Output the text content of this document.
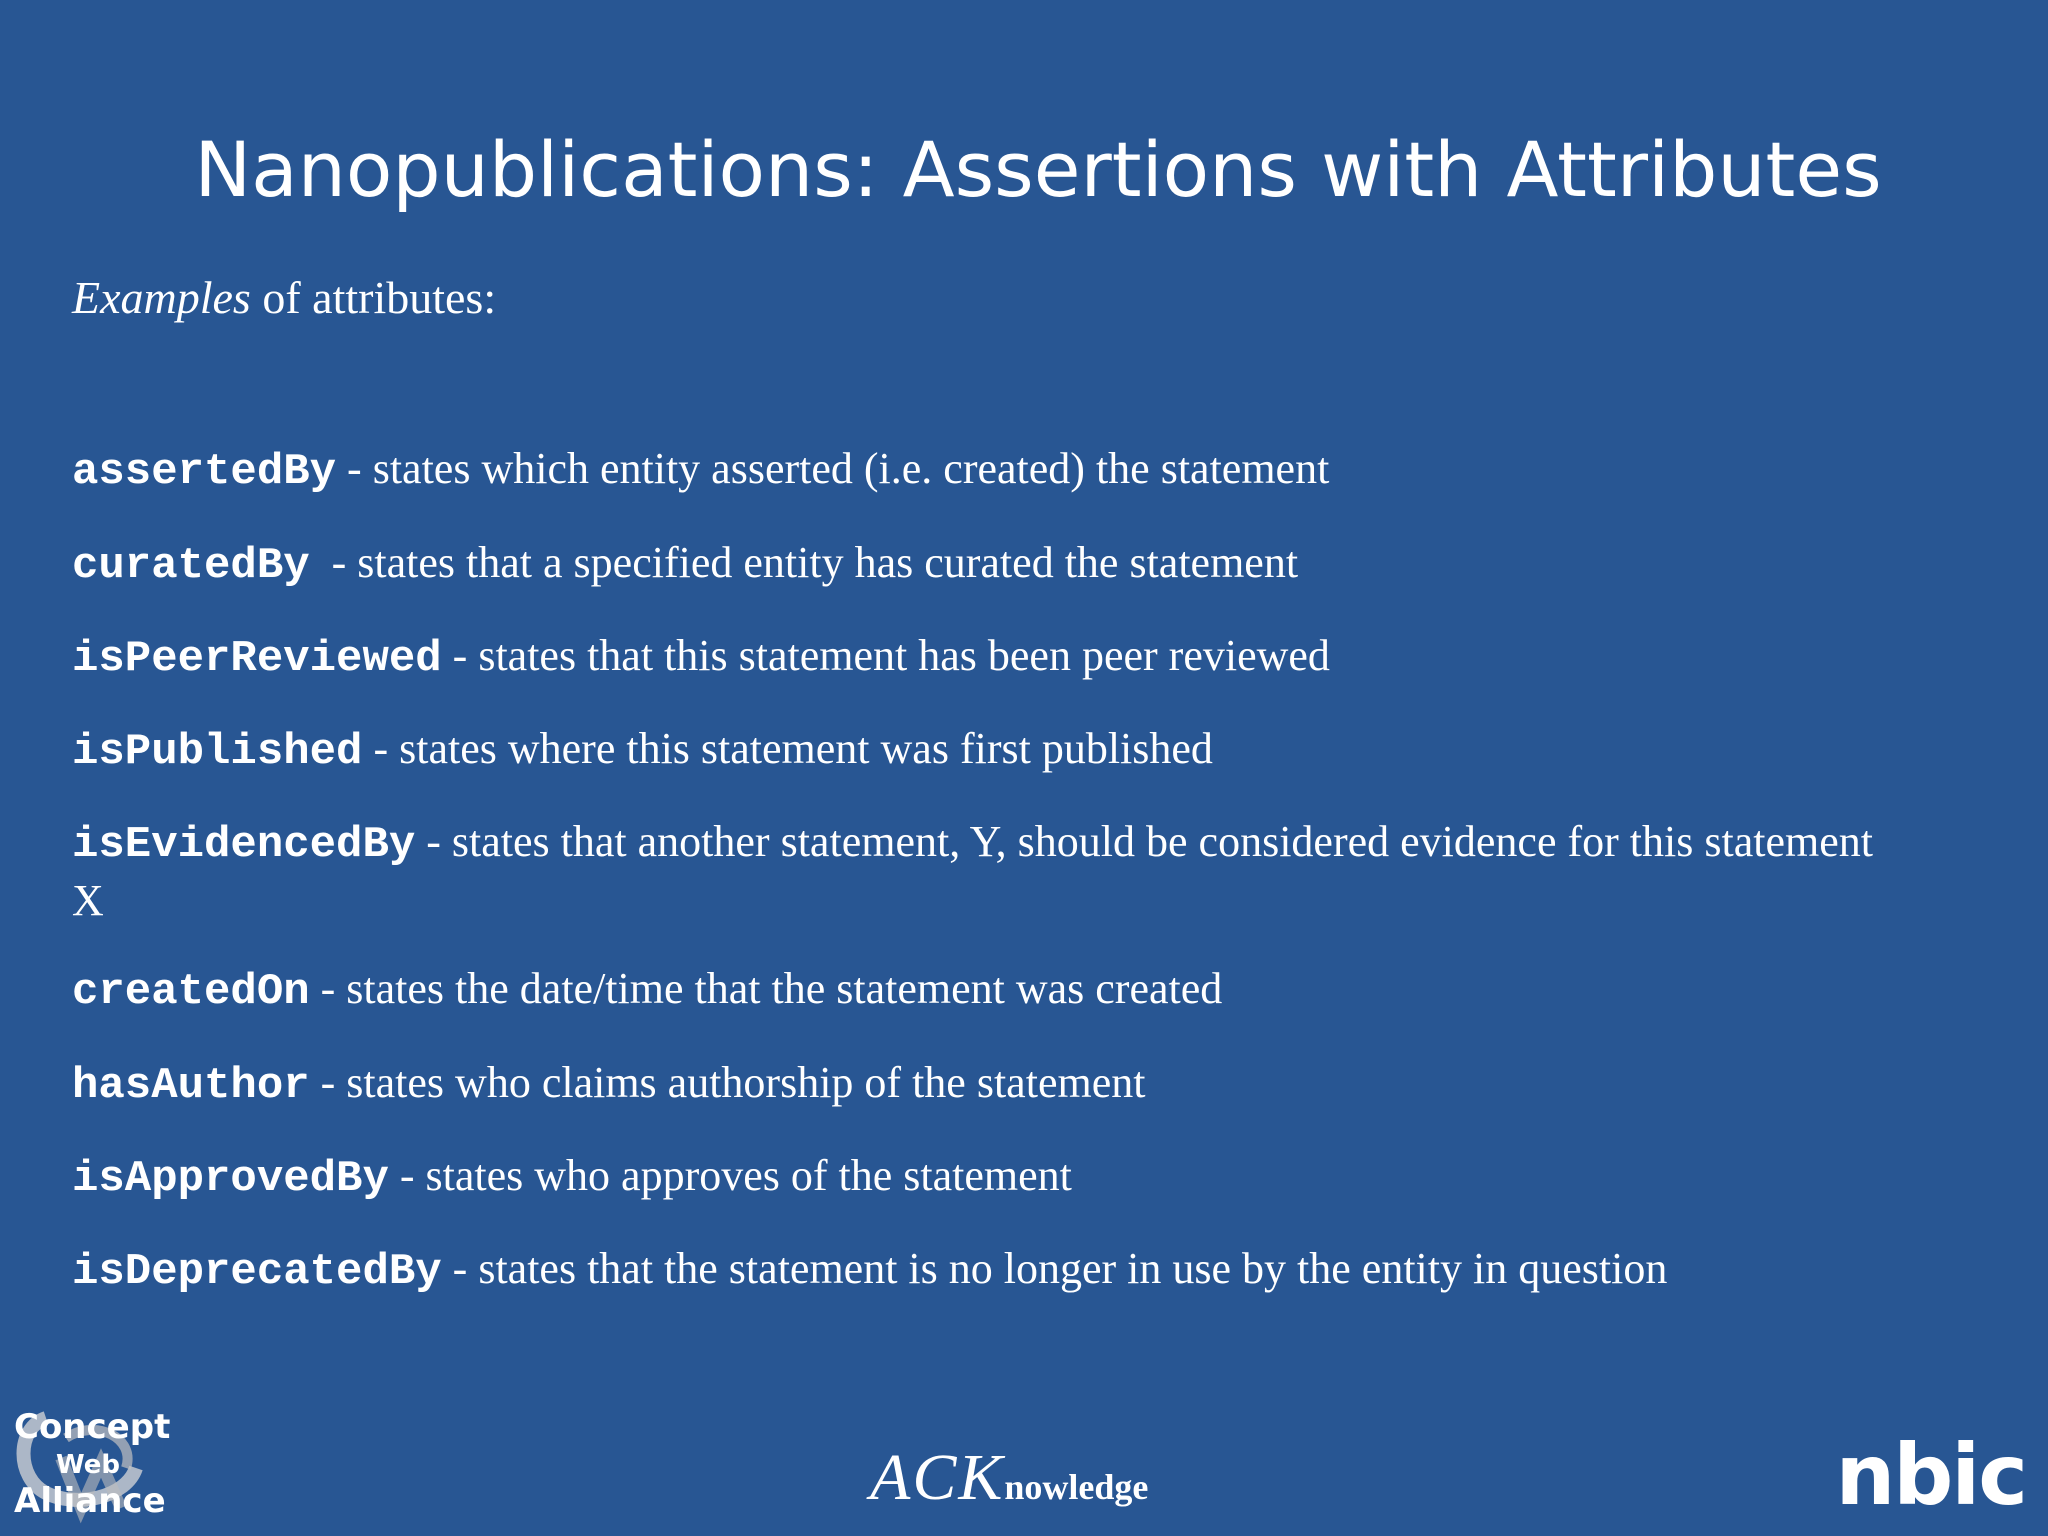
Nanopublications: Assertions with Attributes
Examples of attributes:
assertedBy - states which entity asserted (i.e. created) the statement
curatedBy  - states that a specified entity has curated the statement
isPeerReviewed - states that this statement has been peer reviewed
isPublished - states where this statement was first published
isEvidencedBy - states that another statement, Y, should be considered evidence for this statement X
createdOn - states the date/time that the statement was created
hasAuthor - states who claims authorship of the statement
isApprovedBy - states who approves of the statement
isDeprecatedBy - states that the statement is no longer in use by the entity in question
Concept
Web
Alliance	ACKnowledge	nbic
